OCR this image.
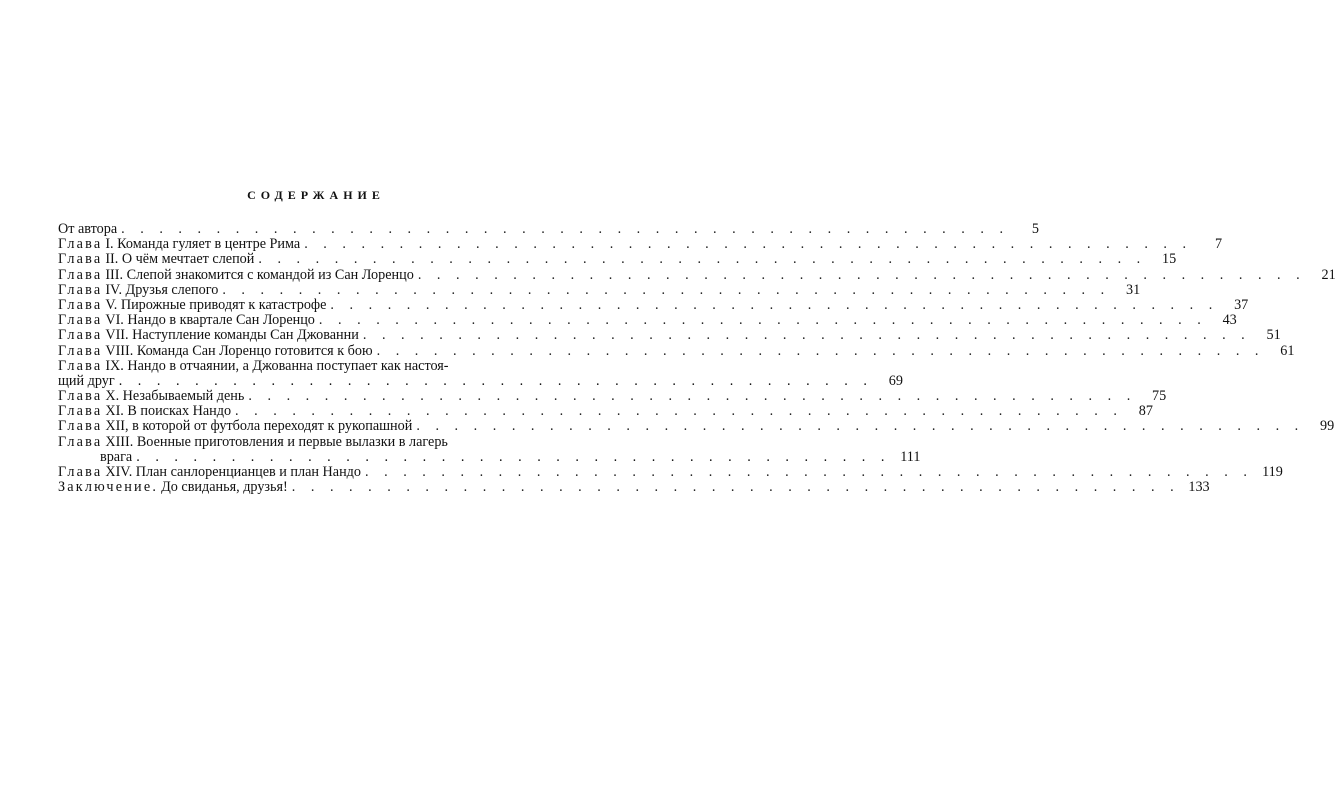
СОДЕРЖАНИЕ
От автора . . .	5
Глава I. Команда гуляет в центре Рима . . .	7
Глава II. О чём мечтает слепой . . .	15
Глава III. Слепой знакомится с командой из Сан Лоренцо . . .	21
Глава IV. Друзья слепого . . .	31
Глава V. Пирожные приводят к катастрофе . . .	37
Глава VI. Нандо в квартале Сан Лоренцо . . .	43
Глава VII. Наступление команды Сан Джованни . . .	51
Глава VIII. Команда Сан Лоренцо готовится к бою . . .	61
Глава IX. Нандо в отчаянии, а Джованна поступает как настоя-
щий друг . . .	69
Глава X. Незабываемый день . . .	75
Глава XI. В поисках Нандо . . .	87
Глава XII, в которой от футбола переходят к рукопашной . . .	99
Глава XIII. Военные приготовления и первые вылазки в лагерь
врага . . .	111
Глава XIV. План санлоренцианцев и план Нандо . . .	119
Заключение. До свиданья, друзья! . . .	133
